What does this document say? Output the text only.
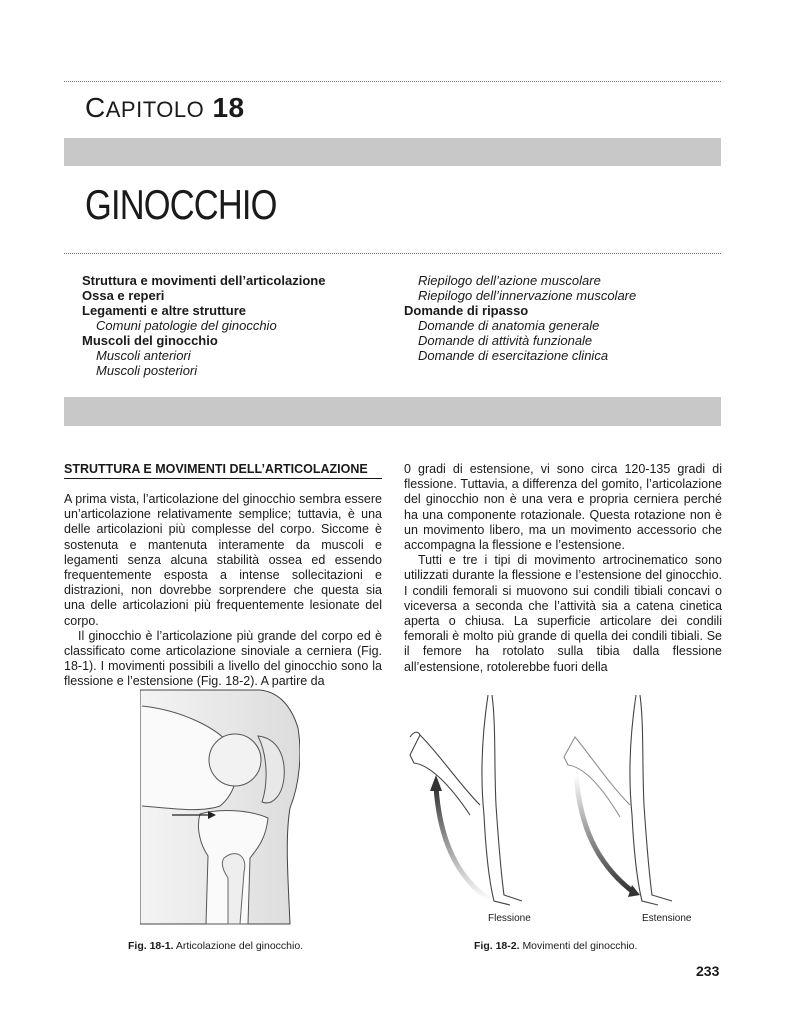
CAPITOLO 18
GINOCCHIO
Struttura e movimenti dell’articolazione
Ossa e reperi
Legamenti e altre strutture
Comuni patologie del ginocchio
Muscoli del ginocchio
Muscoli anteriori
Muscoli posteriori
Riepilogo dell’azione muscolare
Riepilogo dell’innervazione muscolare
Domande di ripasso
Domande di anatomia generale
Domande di attività funzionale
Domande di esercitazione clinica
STRUTTURA E MOVIMENTI DELL’ARTICOLAZIONE

A prima vista, l’articolazione del ginocchio sembra essere un’articolazione relativamente semplice; tuttavia, è una delle articolazioni più complesse del corpo. Siccome è sostenuta e mantenuta interamente da muscoli e legamenti senza alcuna stabilità ossea ed essendo frequentemente esposta a intense sollecitazioni e distrazioni, non dovrebbe sorprendere che questa sia una delle articolazioni più frequentemente lesionate del corpo.

Il ginocchio è l’articolazione più grande del corpo ed è classificato come articolazione sinoviale a cerniera (Fig. 18-1). I movimenti possibili a livello del ginocchio sono la flessione e l’estensione (Fig. 18-2). A partire da

0 gradi di estensione, vi sono circa 120-135 gradi di flessione. Tuttavia, a differenza del gomito, l’articolazione del ginocchio non è una vera e propria cerniera perché ha una componente rotazionale. Questa rotazione non è un movimento libero, ma un movimento accessorio che accompagna la flessione e l’estensione.

Tutti e tre i tipi di movimento artrocinematico sono utilizzati durante la flessione e l’estensione del ginocchio. I condili femorali si muovono sui condili tibiali concavi o viceversa a seconda che l’attività sia a catena cinetica aperta o chiusa. La superficie articolare dei condili femorali è molto più grande di quella dei condili tibiali. Se il femore ha rotolato sulla tibia dalla flessione all’estensione, rotolerebbe fuori della

Fig. 18-1. Articolazione del ginocchio.
Flessione	Estensione
Fig. 18-2. Movimenti del ginocchio.
233
